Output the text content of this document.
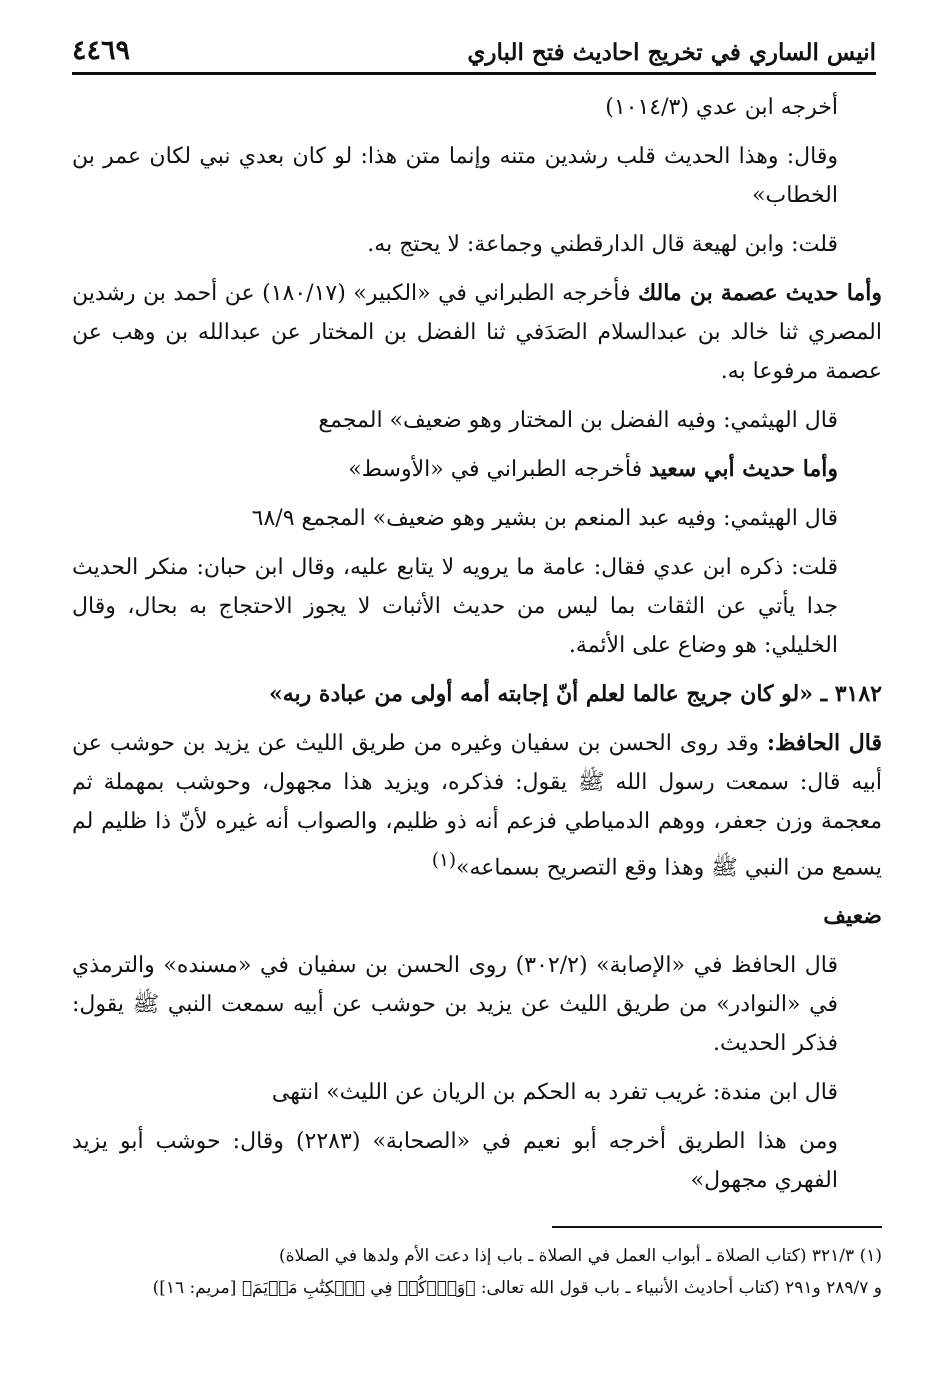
انيس الساري في تخريج احاديث فتح الباري
٤٤٦٩

أخرجه ابن عدي (١٠١٤/٣)

وقال: وهذا الحديث قلب رشدين متنه وإنما متن هذا: لو كان بعدي نبي لكان عمر بن الخطاب»

قلت: وابن لهيعة قال الدارقطني وجماعة: لا يحتج به.

وأما حديث عصمة بن مالك فأخرجه الطبراني في «الكبير» (١٨٠/١٧) عن أحمد بن رشدين المصري ثنا خالد بن عبدالسلام الصَدَفي ثنا الفضل بن المختار عن عبدالله بن وهب عن عصمة مرفوعا به.

قال الهيثمي: وفيه الفضل بن المختار وهو ضعيف» المجمع

وأما حديث أبي سعيد فأخرجه الطبراني في «الأوسط»

قال الهيثمي: وفيه عبد المنعم بن بشير وهو ضعيف» المجمع ٦٨/٩

قلت: ذكره ابن عدي فقال: عامة ما يرويه لا يتابع عليه، وقال ابن حبان: منكر الحديث جدا يأتي عن الثقات بما ليس من حديث الأثبات لا يجوز الاحتجاج به بحال، وقال الخليلي: هو وضاع على الأئمة.

٣١٨٢ ـ «لو كان جريج عالما لعلم أنّ إجابته أمه أولى من عبادة ربه»

قال الحافظ: وقد روى الحسن بن سفيان وغيره من طريق الليث عن يزيد بن حوشب عن أبيه قال: سمعت رسول الله ﷺ يقول: فذكره، ويزيد هذا مجهول، وحوشب بمهملة ثم معجمة وزن جعفر، ووهم الدمياطي فزعم أنه ذو ظليم، والصواب أنه غيره لأنّ ذا ظليم لم يسمع من النبي ﷺ وهذا وقع التصريح بسماعه»$^{(١)}$

ضعيف

قال الحافظ في «الإصابة» (٣٠٢/٢) روى الحسن بن سفيان في «مسنده» والترمذي في «النوادر» من طريق الليث عن يزيد بن حوشب عن أبيه سمعت النبي ﷺ يقول: فذكر الحديث.

قال ابن مندة: غريب تفرد به الحكم بن الريان عن الليث» انتهى

ومن هذا الطريق أخرجه أبو نعيم في «الصحابة» (٢٢٨٣) وقال: حوشب أبو يزيد الفهري مجهول»

(١) ٣٢١/٣ (كتاب الصلاة ـ أبواب العمل في الصلاة ـ باب إذا دعت الأم ولدها في الصلاة)

و ٢٨٩/٧ و٢٩١ (كتاب أحاديث الأنبياء ـ باب قول الله تعالى: ﴿وَٱذۡكُرۡ فِي ٱلۡكِتَٰبِ مَرۡيَمَ﴾ [مريم: ١٦])
